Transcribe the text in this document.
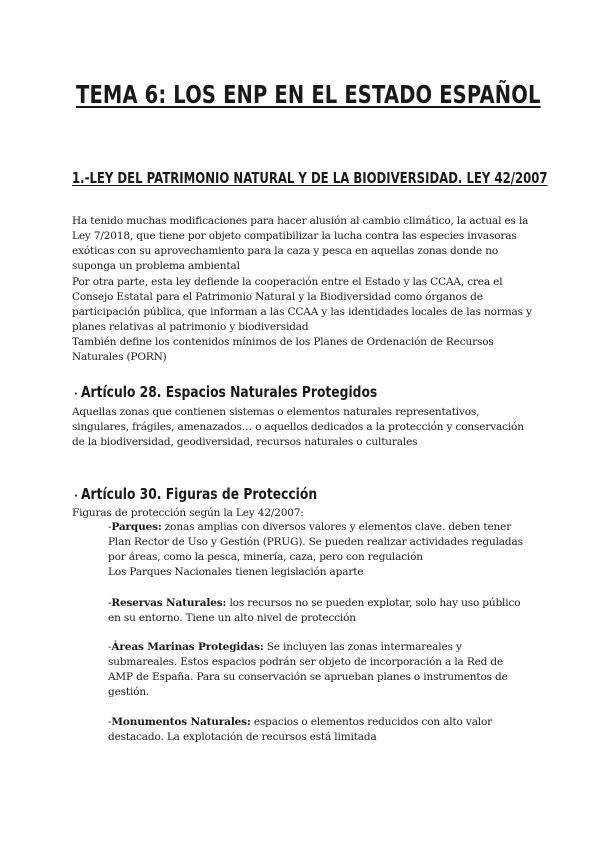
TEMA 6: LOS ENP EN EL ESTADO ESPAÑOL
1.-LEY DEL PATRIMONIO NATURAL Y DE LA BIODIVERSIDAD. LEY 42/2007

Ha tenido muchas modificaciones para hacer alusión al cambio climático, la actual es la Ley 7/2018, que tiene por objeto compatibilizar la lucha contra las especies invasoras exóticas con su aprovechamiento para la caza y pesca en aquellas zonas donde no suponga un problema ambiental

Por otra parte, esta ley defiende la cooperación entre el Estado y las CCAA, crea el Consejo Estatal para el Patrimonio Natural y la Biodiversidad como órganos de participación pública, que informan a las CCAA y las identidades locales de las normas y planes relativas al patrimonio y biodiversidad

También define los contenidos mínimos de los Planes de Ordenación de Recursos Naturales (PORN)

· Artículo 28. Espacios Naturales Protegidos

Aquellas zonas que contienen sistemas o elementos naturales representativos, singulares, frágiles, amenazados… o aquellos dedicados a la protección y conservación de la biodiversidad, geodiversidad, recursos naturales o culturales

· Artículo 30. Figuras de Protección

Figuras de protección según la Ley 42/2007:

-Parques: zonas amplias con diversos valores y elementos clave. deben tener Plan Rector de Uso y Gestión (PRUG). Se pueden realizar actividades reguladas por áreas, como la pesca, minería, caza, pero con regulación
Los Parques Nacionales tienen legislación aparte
-Reservas Naturales: los recursos no se pueden explotar, solo hay uso público en su entorno. Tiene un alto nivel de protección
-Áreas Marinas Protegidas: Se incluyen las zonas intermareales y submareales. Estos espacios podrán ser objeto de incorporación a la Red de AMP de España. Para su conservación se aprueban planes o instrumentos de gestión.
-Monumentos Naturales: espacios o elementos reducidos con alto valor destacado. La explotación de recursos está limitada
